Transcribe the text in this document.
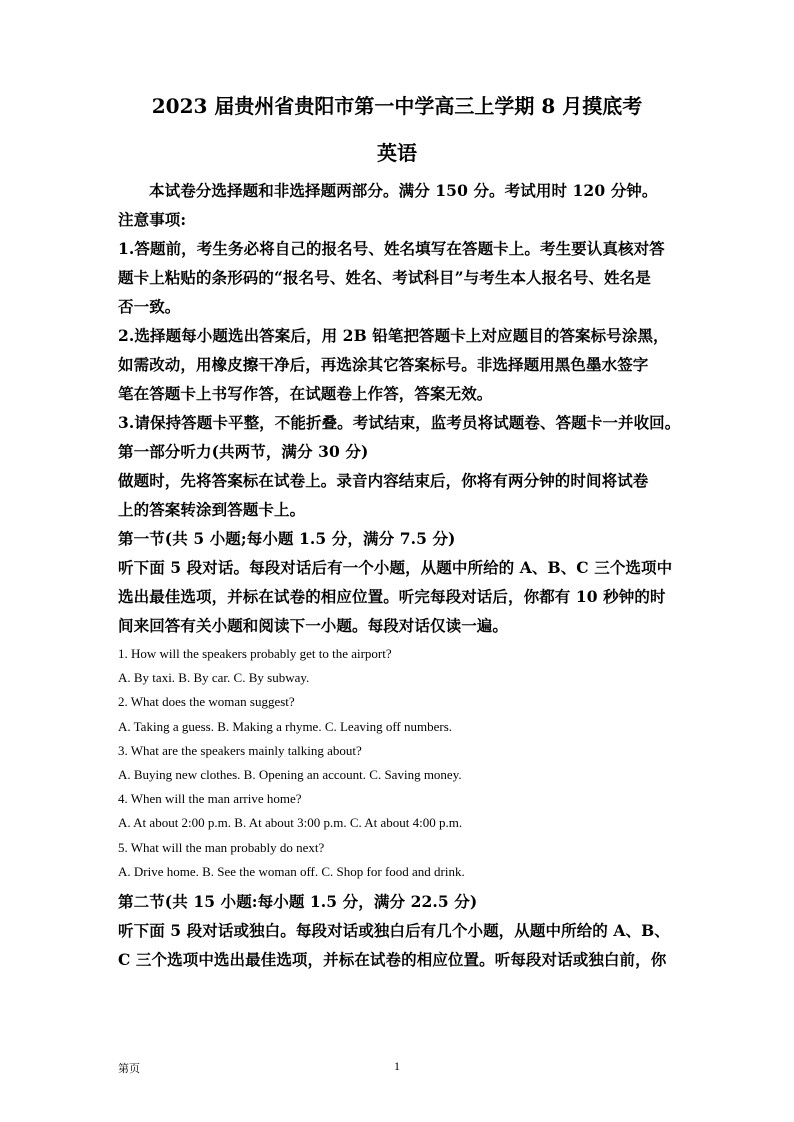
2023 届贵州省贵阳市第一中学高三上学期 8 月摸底考
英语

本试卷分选择题和非选择题两部分。满分 150 分。考试用时 120 分钟。

注意事项:

1.答题前，考生务必将自己的报名号、姓名填写在答题卡上。考生要认真核对答

题卡上粘贴的条形码的“报名号、姓名、考试科目”与考生本人报名号、姓名是

否一致。

2.选择题每小题选出答案后，用 2B 铅笔把答题卡上对应题目的答案标号涂黑，

如需改动，用橡皮擦干净后，再选涂其它答案标号。非选择题用黑色墨水签字

笔在答题卡上书写作答，在试题卷上作答，答案无效。

3.请保持答题卡平整，不能折叠。考试结束，监考员将试题卷、答题卡一并收回。

第一部分听力(共两节，满分 30 分)

做题时，先将答案标在试卷上。录音内容结束后，你将有两分钟的时间将试卷

上的答案转涂到答题卡上。

第一节(共 5 小题;每小题 1.5 分，满分 7.5 分)

听下面 5 段对话。每段对话后有一个小题，从题中所给的 A、B、C 三个选项中

选出最佳选项，并标在试卷的相应位置。听完每段对话后，你都有 10 秒钟的时

间来回答有关小题和阅读下一小题。每段对话仅读一遍。

1. How will the speakers probably get to the airport?

A. By taxi. B. By car. C. By subway.

2. What does the woman suggest?

A. Taking a guess. B. Making a rhyme. C. Leaving off numbers.

3. What are the speakers mainly talking about?

A. Buying new clothes. B. Opening an account. C. Saving money.

4. When will the man arrive home?

A. At about 2:00 p.m. B. At about 3:00 p.m. C. At about 4:00 p.m.

5. What will the man probably do next?

A. Drive home. B. See the woman off. C. Shop for food and drink.

第二节(共 15 小题:每小题 1.5 分，满分 22.5 分)

听下面 5 段对话或独白。每段对话或独白后有几个小题，从题中所给的 A、B、

C 三个选项中选出最佳选项，并标在试卷的相应位置。听每段对话或独白前，你

第页	1
